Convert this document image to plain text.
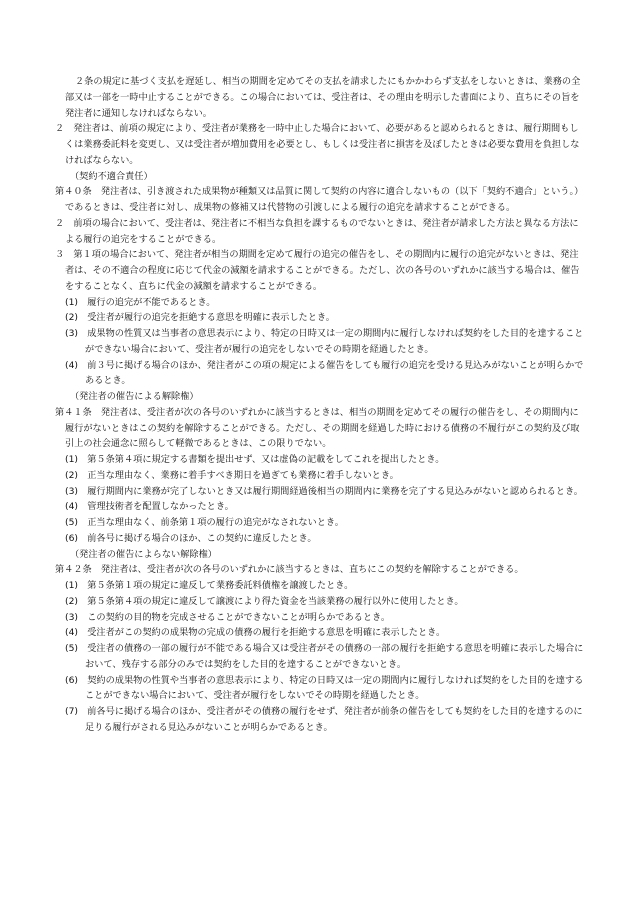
２条の規定に基づく支払を遅延し、相当の期間を定めてその支払を請求したにもかかわらず支払をしないときは、業務の全部又は一部を一時中止することができる。この場合においては、受注者は、その理由を明示した書面により、直ちにその旨を発注者に通知しなければならない。

２　発注者は、前項の規定により、受注者が業務を一時中止した場合において、必要があると認められるときは、履行期間もしくは業務委託料を変更し、又は受注者が増加費用を必要とし、もしくは受注者に損害を及ぼしたときは必要な費用を負担しなければならない。

（契約不適合責任）

第４０条　発注者は、引き渡された成果物が種類又は品質に関して契約の内容に適合しないもの（以下「契約不適合」という。）であるときは、受注者に対し、成果物の修補又は代替物の引渡しによる履行の追完を請求することができる。

２　前項の場合において、受注者は、発注者に不相当な負担を課するものでないときは、発注者が請求した方法と異なる方法による履行の追完をすることができる。

３　第１項の場合において、発注者が相当の期間を定めて履行の追完の催告をし、その期間内に履行の追完がないときは、発注者は、その不適合の程度に応じて代金の減額を請求することができる。ただし、次の各号のいずれかに該当する場合は、催告をすることなく、直ちに代金の減額を請求することができる。

(1)　履行の追完が不能であるとき。

(2)　受注者が履行の追完を拒絶する意思を明確に表示したとき。

(3)　成果物の性質又は当事者の意思表示により、特定の日時又は一定の期間内に履行しなければ契約をした目的を達することができない場合において、受注者が履行の追完をしないでその時期を経過したとき。

(4)　前３号に掲げる場合のほか、発注者がこの項の規定による催告をしても履行の追完を受ける見込みがないことが明らかであるとき。

（発注者の催告による解除権）

第４１条　発注者は、受注者が次の各号のいずれかに該当するときは、相当の期間を定めてその履行の催告をし、その期間内に履行がないときはこの契約を解除することができる。ただし、その期間を経過した時における債務の不履行がこの契約及び取引上の社会通念に照らして軽微であるときは、この限りでない。

(1)　第５条第４項に規定する書類を提出せず、又は虚偽の記載をしてこれを提出したとき。

(2)　正当な理由なく、業務に着手すべき期日を過ぎても業務に着手しないとき。

(3)　履行期間内に業務が完了しないとき又は履行期間経過後相当の期間内に業務を完了する見込みがないと認められるとき。

(4)　管理技術者を配置しなかったとき。

(5)　正当な理由なく、前条第１項の履行の追完がなされないとき。

(6)　前各号に掲げる場合のほか、この契約に違反したとき。

（発注者の催告によらない解除権）

第４２条　発注者は、受注者が次の各号のいずれかに該当するときは、直ちにこの契約を解除することができる。

(1)　第５条第１項の規定に違反して業務委託料債権を譲渡したとき。

(2)　第５条第４項の規定に違反して譲渡により得た資金を当該業務の履行以外に使用したとき。

(3)　この契約の目的物を完成させることができないことが明らかであるとき。

(4)　受注者がこの契約の成果物の完成の債務の履行を拒絶する意思を明確に表示したとき。

(5)　受注者の債務の一部の履行が不能である場合又は受注者がその債務の一部の履行を拒絶する意思を明確に表示した場合において、残存する部分のみでは契約をした目的を達することができないとき。

(6)　契約の成果物の性質や当事者の意思表示により、特定の日時又は一定の期間内に履行しなければ契約をした目的を達することができない場合において、受注者が履行をしないでその時期を経過したとき。

(7)　前各号に掲げる場合のほか、受注者がその債務の履行をせず、発注者が前条の催告をしても契約をした目的を達するのに足りる履行がされる見込みがないことが明らかであるとき。
